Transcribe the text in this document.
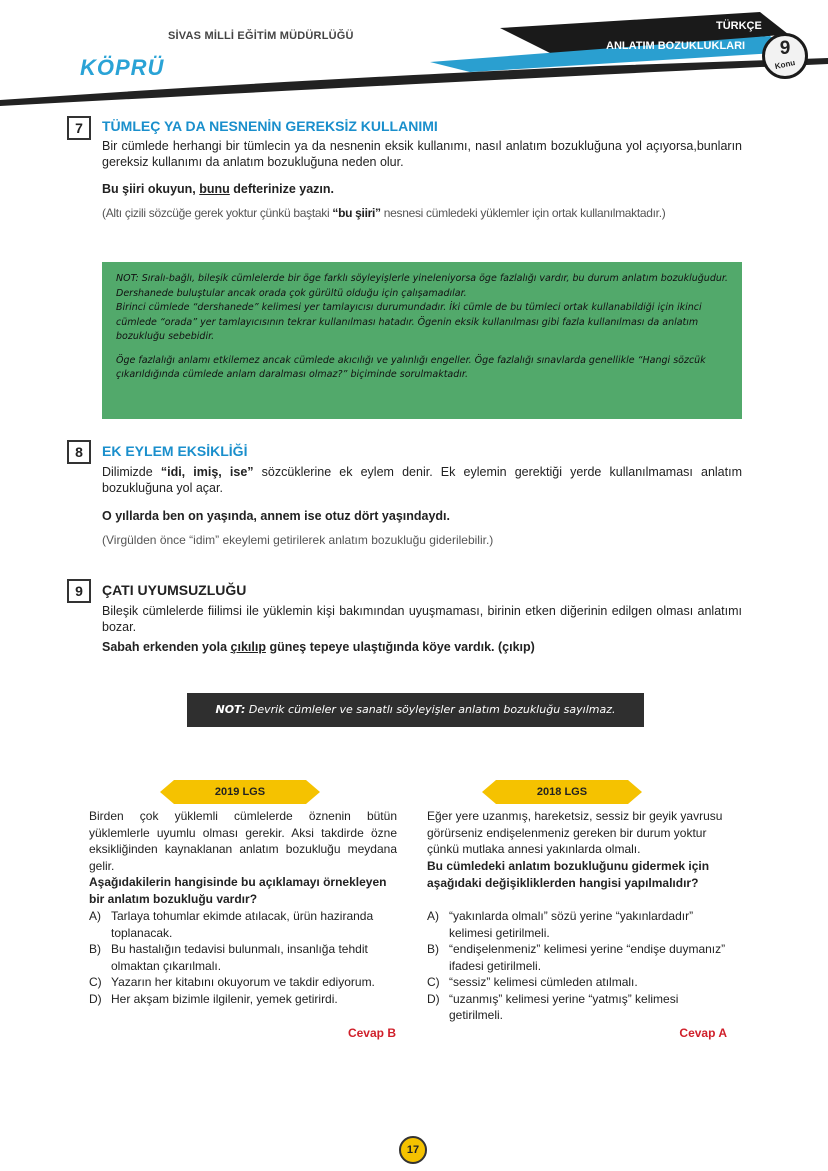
SİVAS MİLLİ EĞİTİM MÜDÜRLÜĞÜ
KÖPRÜ
TÜRKÇE
ANLATIM BOZUKLUKLARI	9
Konu
7	TÜMLEÇ YA DA NESNENİN GEREKSİZ KULLANIMI
Bir cümlede herhangi bir tümlecin ya da nesnenin eksik kullanımı, nasıl anlatım bozukluğuna yol açıyorsa,bunların gereksiz kullanımı da anlatım bozukluğuna neden olur.
Bu şiiri okuyun, bunu defterinize yazın.
(Altı çizili sözcüğe gerek yoktur çünkü baştaki “bu şiiri” nesnesi cümledeki yüklemler için ortak kullanılmaktadır.)

NOT: Sıralı-bağlı, bileşik cümlelerde bir öge farklı söyleyişlerle yineleniyorsa öge fazlalığı vardır, bu durum anlatım bozukluğudur.

Dershanede buluştular ancak orada çok gürültü olduğu için çalışamadılar.

Birinci cümlede “dershanede” kelimesi yer tamlayıcısı durumundadır. İki cümle de bu tümleci ortak kullanabildiği için ikinci cümlede “orada” yer tamlayıcısının tekrar kullanılması hatadır. Ögenin eksik kullanılması gibi fazla kullanılması da anlatım bozukluğu sebebidir.

Öge fazlalığı anlamı etkilemez ancak cümlede akıcılığı ve yalınlığı engeller. Öge fazlalığı sınavlarda genellikle “Hangi sözcük çıkarıldığında cümlede anlam daralması olmaz?” biçiminde sorulmaktadır.

8	EK EYLEM EKSİKLİĞİ
Dilimizde “idi, imiş, ise” sözcüklerine ek eylem denir. Ek eylemin gerektiği yerde kullanılmaması anlatım bozukluğuna yol açar.
O yıllarda ben on yaşında, annem ise otuz dört yaşındaydı.
(Virgülden önce “idim” ekeylemi getirilerek anlatım bozukluğu giderilebilir.)
9	ÇATI UYUMSUZLUĞU
Bileşik cümlelerde fiilimsi ile yüklemin kişi bakımından uyuşmaması, birinin etken diğerinin edilgen olması anlatımı bozar.
Sabah erkenden yola çıkılıp güneş tepeye ulaştığında köye vardık. (çıkıp)
NOT: Devrik cümleler ve sanatlı söyleyişler anlatım bozukluğu sayılmaz.
2019 LGS
Birden çok yüklemli cümlelerde öznenin bütün yüklemlerle uyumlu olması gerekir. Aksi takdirde özne eksikliğinden kaynaklanan anlatım bozukluğu meydana gelir.
Aşağıdakilerin hangisinde bu açıklamayı örnekleyen bir anlatım bozukluğu vardır?
A) Tarlaya tohumlar ekimde atılacak, ürün haziranda toplanacak.
B) Bu hastalığın tedavisi bulunmalı, insanlığa tehdit olmaktan çıkarılmalı.
C) Yazarın her kitabını okuyorum ve takdir ediyorum.
D) Her akşam bizimle ilgilenir, yemek getirirdi.
Cevap B
2018 LGS
Eğer yere uzanmış, hareketsiz, sessiz bir geyik yavrusu görürseniz endişelenmeniz gereken bir durum yoktur çünkü mutlaka annesi yakınlarda olmalı.
Bu cümledeki anlatım bozukluğunu gidermek için aşağıdaki değişikliklerden hangisi yapılmalıdır?
A) “yakınlarda olmalı” sözü yerine “yakınlardadır” kelimesi getirilmeli.
B) “endişelenmeniz” kelimesi yerine “endişe duymanız” ifadesi getirilmeli.
C) “sessiz” kelimesi cümleden atılmalı.
D) “uzanmış” kelimesi yerine “yatmış” kelimesi getirilmeli.
Cevap A
17
